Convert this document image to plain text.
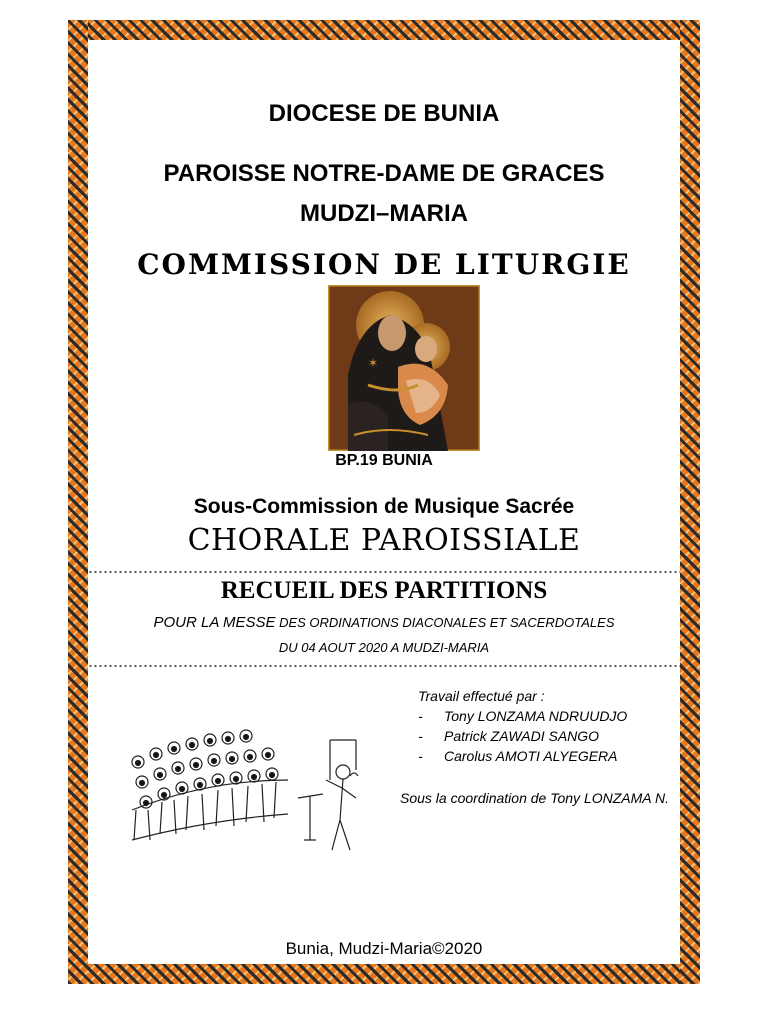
DIOCESE DE BUNIA
PAROISSE NOTRE-DAME DE GRACES
MUDZI–MARIA
COMMISSION DE LITURGIE
✶
BP.19 BUNIA
Sous-Commission de Musique Sacrée
CHORALE PAROISSIALE
RECUEIL DES PARTITIONS
POUR LA MESSE DES ORDINATIONS DIACONALES ET SACERDOTALES
DU 04 AOUT 2020 A MUDZI-MARIA
Travail effectué par :
- Tony LONZAMA NDRUUDJO
- Patrick ZAWADI SANGO
- Carolus AMOTI ALYEGERA
Sous la coordination de Tony LONZAMA N.
Bunia, Mudzi-Maria©2020
